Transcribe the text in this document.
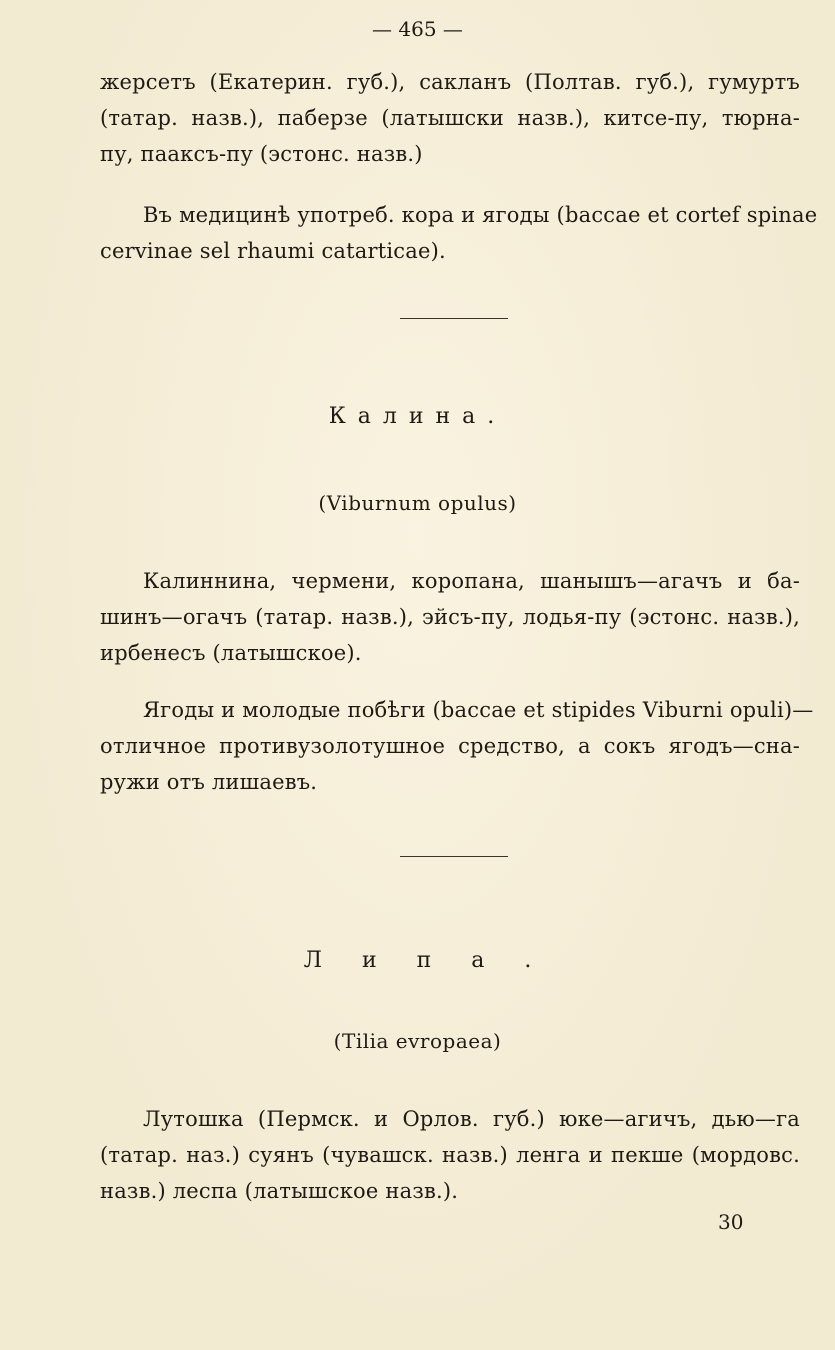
— 465 —
жерсетъ (Екатерин. губ.), сакланъ (Полтав. губ.), гумуртъ
(татар. назв.), паберзе (латышски назв.), китсе-пу, тюрна-
пу, пааксъ-пу (эстонс. назв.)
Въ медицинѣ употреб. кора и ягоды (baccae et cortef spinae
cervinae sel rhaumi catarticae).
Калина.
(Viburnum opulus)
Калиннина, чермени, коропана, шанышъ—агачъ и ба-
шинъ—огачъ (татар. назв.), эйсъ-пу, лодья-пу (эстонс. назв.),
ирбенесъ (латышское).
Ягоды и молодые побѣги (baccae et stipides Viburni opuli)—
отличное противузолотушное средство, а сокъ ягодъ—сна-
ружи отъ лишаевъ.
Липа.
(Tilia evropaea)
Лутошка (Пермск. и Орлов. губ.) юке—агичъ, дью—га
(татар. наз.) суянъ (чувашск. назв.) ленга и пекше (мордовс.
назв.) леспа (латышское назв.).
30
